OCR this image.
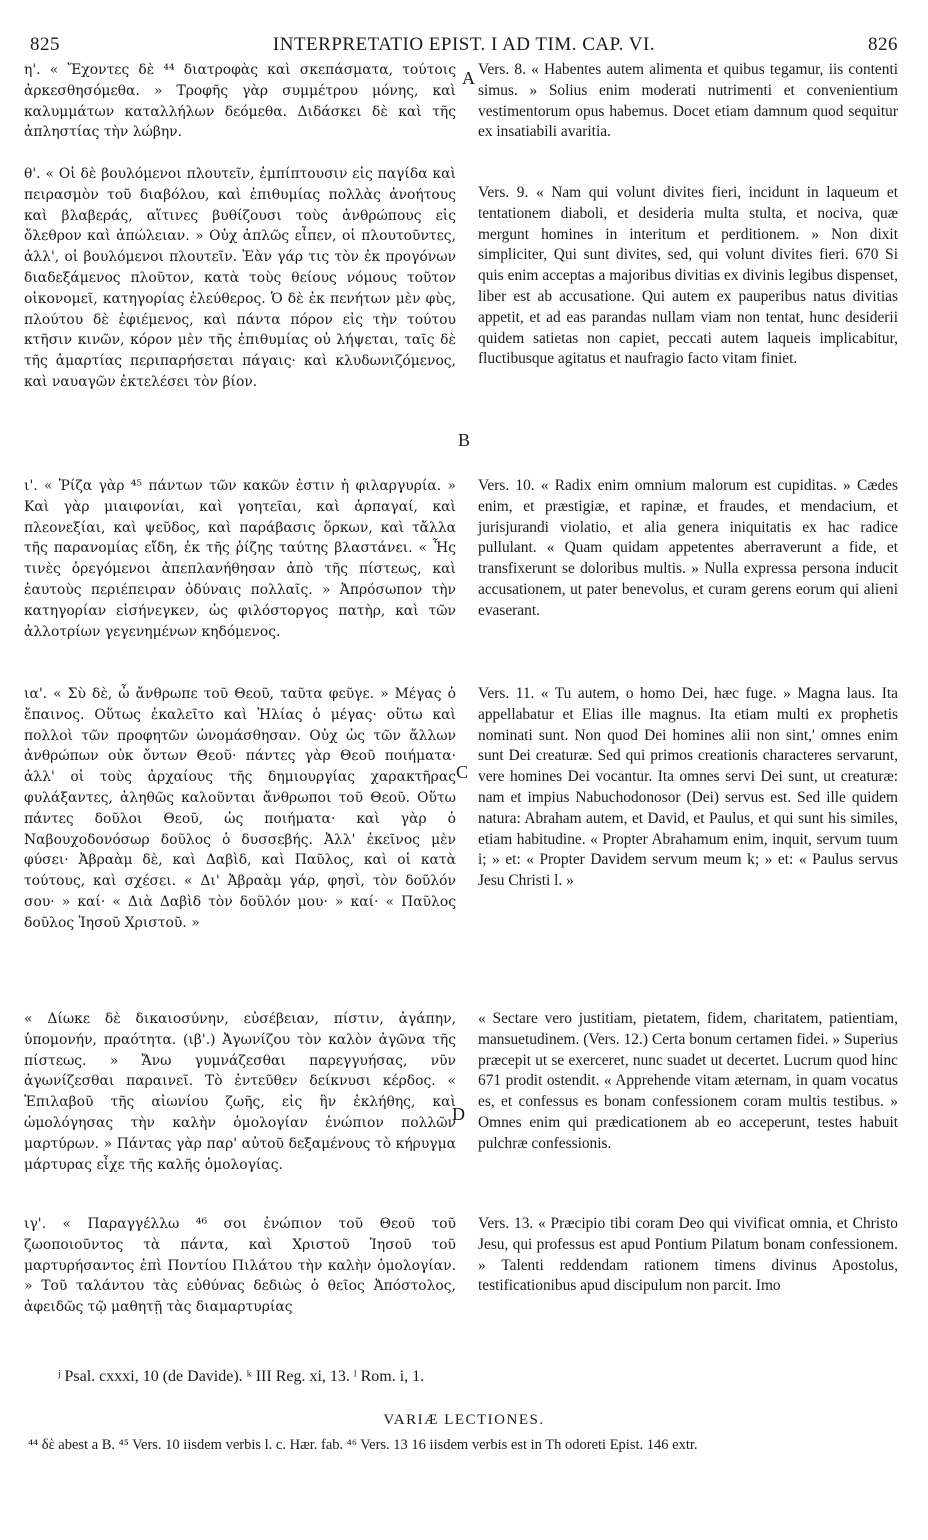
825	INTERPRETATIO EPIST. I AD TIM. CAP. VI.	826

η'. « Ἔχοντες δὲ ⁴⁴ διατροφὰς καὶ σκεπάσματα, τούτοις ἀρκεσθησόμεθα. » Τροφῆς γὰρ συμμέτρου μόνης, καὶ καλυμμάτων καταλλήλων δεόμεθα. Διδάσκει δὲ καὶ τῆς ἀπληστίας τὴν λώβην.

θ'. « Οἱ δὲ βουλόμενοι πλουτεῖν, ἐμπίπτουσιν εἰς παγίδα καὶ πειρασμὸν τοῦ διαβόλου, καὶ ἐπιθυμίας πολλὰς ἀνοήτους καὶ βλαβεράς, αἵτινες βυθίζουσι τοὺς ἀνθρώπους εἰς ὄλεθρον καὶ ἀπώλειαν. » Οὐχ ἁπλῶς εἶπεν, οἱ πλουτοῦντες, ἀλλ', οἱ βουλόμενοι πλουτεῖν. Ἐὰν γάρ τις τὸν ἐκ προγόνων διαδεξάμενος πλοῦτον, κατὰ τοὺς θείους νόμους τοῦτον οἰκονομεῖ, κατηγορίας ἐλεύθερος. Ὁ δὲ ἐκ πενήτων μὲν φὺς, πλούτου δὲ ἐφιέμενος, καὶ πάντα πόρον εἰς τὴν τούτου κτῆσιν κινῶν, κόρον μὲν τῆς ἐπιθυμίας οὐ λήψεται, ταῖς δὲ τῆς ἁμαρτίας περιπαρήσεται πάγαις· καὶ κλυδωνιζόμενος, καὶ ναυαγῶν ἐκτελέσει τὸν βίον.

ι'. « Ῥίζα γὰρ ⁴⁵ πάντων τῶν κακῶν ἐστιν ἡ φιλαργυρία. » Καὶ γὰρ μιαιφονίαι, καὶ γοητεῖαι, καὶ ἁρπαγαί, καὶ πλεονεξίαι, καὶ ψεῦδος, καὶ παράβασις ὅρκων, καὶ τἄλλα τῆς παρανομίας εἴδη, ἐκ τῆς ῥίζης ταύτης βλαστάνει. « Ἧς τινὲς ὀρεγόμενοι ἀπεπλανήθησαν ἀπὸ τῆς πίστεως, καὶ ἑαυτοὺς περιέπειραν ὀδύναις πολλαῖς. » Ἀπρόσωπον τὴν κατηγορίαν εἰσήνεγκεν, ὡς φιλόστοργος πατὴρ, καὶ τῶν ἀλλοτρίων γεγενημένων κηδόμενος.

ια'. « Σὺ δὲ, ὦ ἄνθρωπε τοῦ Θεοῦ, ταῦτα φεῦγε. » Μέγας ὁ ἔπαινος. Οὕτως ἐκαλεῖτο καὶ Ἠλίας ὁ μέγας· οὕτω καὶ πολλοὶ τῶν προφητῶν ὠνομάσθησαν. Οὐχ ὡς τῶν ἄλλων ἀνθρώπων οὐκ ὄντων Θεοῦ· πάντες γὰρ Θεοῦ ποιήματα· ἀλλ' οἱ τοὺς ἀρχαίους τῆς δημιουργίας χαρακτῆρας φυλάξαντες, ἀληθῶς καλοῦνται ἄνθρωποι τοῦ Θεοῦ. Οὕτω πάντες δοῦλοι Θεοῦ, ὡς ποιήματα· καὶ γὰρ ὁ Ναβουχοδονόσωρ δοῦλος ὁ δυσσεβής. Ἀλλ' ἐκεῖνος μὲν φύσει· Ἀβραὰμ δὲ, καὶ Δαβὶδ, καὶ Παῦλος, καὶ οἱ κατὰ τούτους, καὶ σχέσει. « Δι' Ἀβραὰμ γάρ, φησὶ, τὸν δοῦλόν σου· » καί· « Διὰ Δαβὶδ τὸν δοῦλόν μου· » καί· « Παῦλος δοῦλος Ἰησοῦ Χριστοῦ. »

« Δίωκε δὲ δικαιοσύνην, εὐσέβειαν, πίστιν, ἀγάπην, ὑπομονήν, πραότητα. (ιβ'.) Ἀγωνίζου τὸν καλὸν ἀγῶνα τῆς πίστεως. » Ἄνω γυμνάζεσθαι παρεγγυήσας, νῦν ἀγωνίζεσθαι παραινεῖ. Τὸ ἐντεῦθεν δείκνυσι κέρδος. « Ἐπιλαβοῦ τῆς αἰωνίου ζωῆς, εἰς ἣν ἐκλήθης, καὶ ὡμολόγησας τὴν καλὴν ὁμολογίαν ἐνώπιον πολλῶν μαρτύρων. » Πάντας γὰρ παρ' αὐτοῦ δεξαμένους τὸ κήρυγμα μάρτυρας εἶχε τῆς καλῆς ὁμολογίας.

ιγ'. « Παραγγέλλω ⁴⁶ σοι ἐνώπιον τοῦ Θεοῦ τοῦ ζωοποιοῦντος τὰ πάντα, καὶ Χριστοῦ Ἰησοῦ τοῦ μαρτυρήσαντος ἐπὶ Ποντίου Πιλάτου τὴν καλὴν ὁμολογίαν. » Τοῦ ταλάντου τὰς εὐθύνας δεδιὼς ὁ θεῖος Ἀπόστολος, ἀφειδῶς τῷ μαθητῇ τὰς διαμαρτυρίας

A
B
C
D

Vers. 8. « Habentes autem alimenta et quibus tegamur, iis contenti simus. » Solius enim moderati nutrimenti et convenientium vestimentorum opus habemus. Docet etiam damnum quod sequitur ex insatiabili avaritia.

Vers. 9. « Nam qui volunt divites fieri, incidunt in laqueum et tentationem diaboli, et desideria multa stulta, et nociva, quæ mergunt homines in interitum et perditionem. » Non dixit simpliciter, Qui sunt divites, sed, qui volunt divites fieri. 670 Si quis enim acceptas a majoribus divitias ex divinis legibus dispenset, liber est ab accusatione. Qui autem ex pauperibus natus divitias appetit, et ad eas parandas nullam viam non tentat, hunc desiderii quidem satietas non capiet, peccati autem laqueis implicabitur, fluctibusque agitatus et naufragio facto vitam finiet.

Vers. 10. « Radix enim omnium malorum est cupiditas. » Cædes enim, et præstigiæ, et rapinæ, et fraudes, et mendacium, et jurisjurandi violatio, et alia genera iniquitatis ex hac radice pullulant. « Quam quidam appetentes aberraverunt a fide, et transfixerunt se doloribus multis. » Nulla expressa persona inducit accusationem, ut pater benevolus, et curam gerens eorum qui alieni evaserant.

Vers. 11. « Tu autem, o homo Dei, hæc fuge. » Magna laus. Ita appellabatur et Elias ille magnus. Ita etiam multi ex prophetis nominati sunt. Non quod Dei homines alii non sint,' omnes enim sunt Dei creaturæ. Sed qui primos creationis characteres servarunt, vere homines Dei vocantur. Ita omnes servi Dei sunt, ut creaturæ: nam et impius Nabuchodonosor (Dei) servus est. Sed ille quidem natura: Abraham autem, et David, et Paulus, et qui sunt his similes, etiam habitudine. « Propter Abrahamum enim, inquit, servum tuum i; » et: « Propter Davidem servum meum k; » et: « Paulus servus Jesu Christi l. »

« Sectare vero justitiam, pietatem, fidem, charitatem, patientiam, mansuetudinem. (Vers. 12.) Certa bonum certamen fidei. » Superius præcepit ut se exerceret, nunc suadet ut decertet. Lucrum quod hinc 671 prodit ostendit. « Apprehende vitam æternam, in quam vocatus es, et confessus es bonam confessionem coram multis testibus. » Omnes enim qui prædicationem ab eo acceperunt, testes habuit pulchræ confessionis.

Vers. 13. « Præcipio tibi coram Deo qui vivificat omnia, et Christo Jesu, qui professus est apud Pontium Pilatum bonam confessionem. » Talenti reddendam rationem timens divinus Apostolus, testificationibus apud discipulum non parcit. Imo

ʲ Psal. cxxxi, 10 (de Davide). ᵏ III Reg. xi, 13. ˡ Rom. i, 1.
VARIÆ LECTIONES.
⁴⁴ δὲ abest a B. ⁴⁵ Vers. 10 iisdem verbis l. c. Hær. fab. ⁴⁶ Vers. 13 16 iisdem verbis est in Th odoreti Epist. 146 extr.
